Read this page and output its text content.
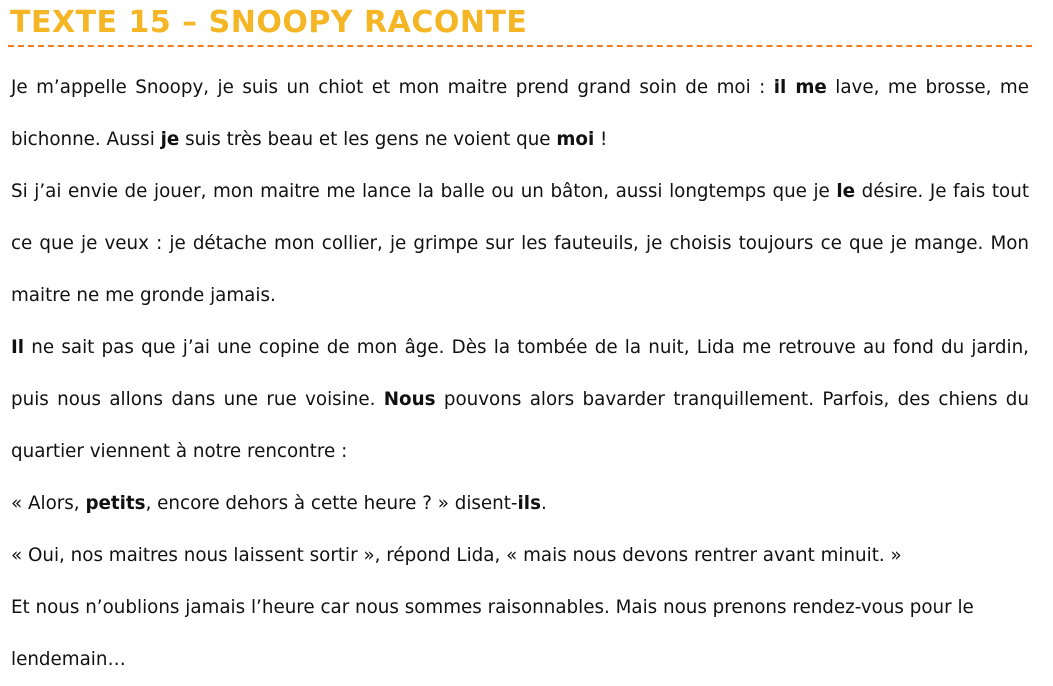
TEXTE 15 – SNOOPY RACONTE

Je m’appelle Snoopy, je suis un chiot et mon maitre prend grand soin de moi : il me lave, me brosse, me bichonne. Aussi je suis très beau et les gens ne voient que moi !

Si j’ai envie de jouer, mon maitre me lance la balle ou un bâton, aussi longtemps que je le désire. Je fais tout ce que je veux : je détache mon collier, je grimpe sur les fauteuils, je choisis toujours ce que je mange. Mon maitre ne me gronde jamais.

Il ne sait pas que j’ai une copine de mon âge. Dès la tombée de la nuit, Lida me retrouve au fond du jardin, puis nous allons dans une rue voisine. Nous pouvons alors bavarder tranquillement. Parfois, des chiens du quartier viennent à notre rencontre :

« Alors, petits, encore dehors à cette heure ? » disent-ils.

« Oui, nos maitres nous laissent sortir », répond Lida, « mais nous devons rentrer avant minuit. »

Et nous n’oublions jamais l’heure car nous sommes raisonnables. Mais nous prenons rendez-vous pour le lendemain…
